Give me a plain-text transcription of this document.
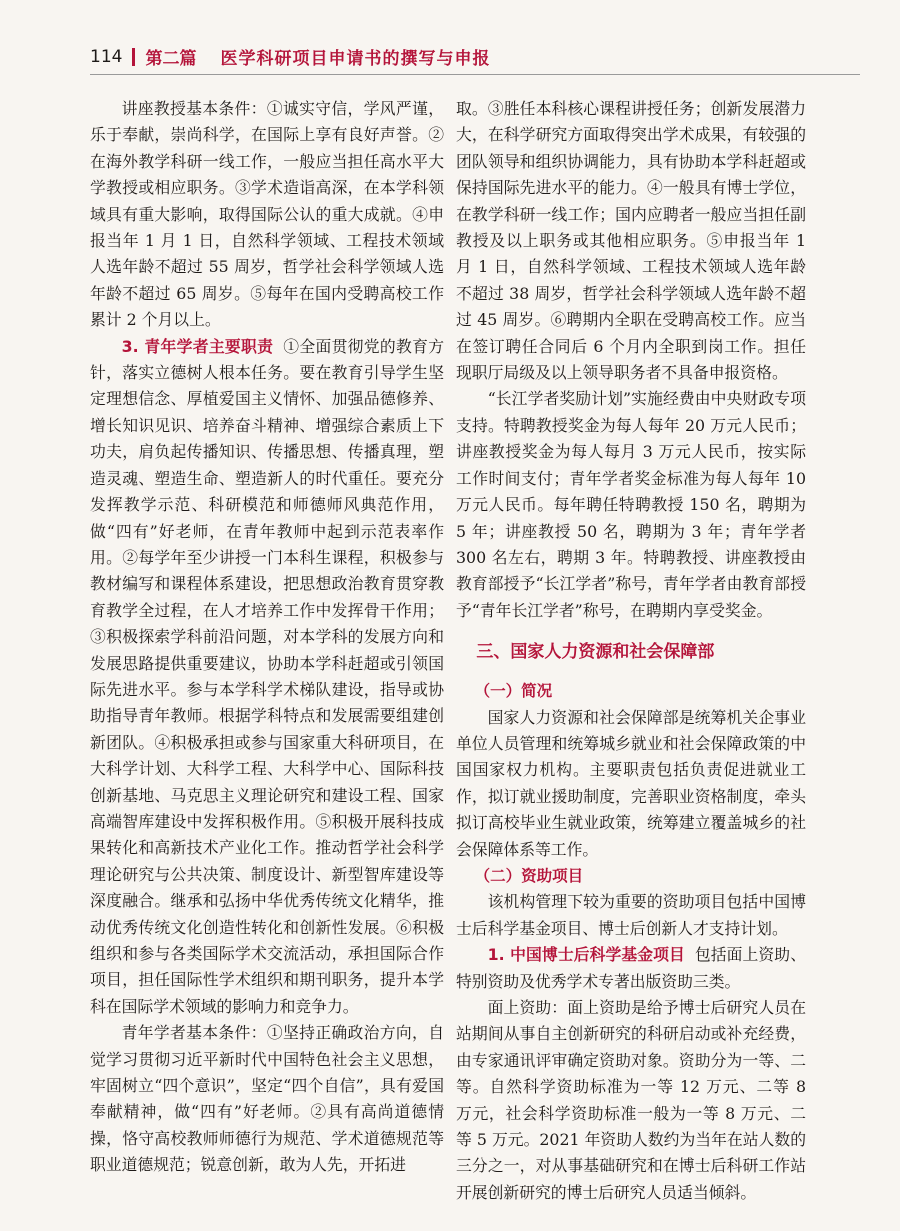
114 第二篇 医学科研项目申请书的撰写与申报

讲座教授基本条件：①诚实守信，学风严谨，乐于奉献，崇尚科学，在国际上享有良好声誉。②在海外教学科研一线工作，一般应当担任高水平大学教授或相应职务。③学术造诣高深，在本学科领域具有重大影响，取得国际公认的重大成就。④申报当年 1 月 1 日，自然科学领域、工程技术领域人选年龄不超过 55 周岁，哲学社会科学领域人选年龄不超过 65 周岁。⑤每年在国内受聘高校工作累计 2 个月以上。

3. 青年学者主要职责 ①全面贯彻党的教育方针，落实立德树人根本任务。要在教育引导学生坚定理想信念、厚植爱国主义情怀、加强品德修养、增长知识见识、培养奋斗精神、增强综合素质上下功夫，肩负起传播知识、传播思想、传播真理，塑造灵魂、塑造生命、塑造新人的时代重任。要充分发挥教学示范、科研模范和师德师风典范作用，做“四有”好老师，在青年教师中起到示范表率作用。②每学年至少讲授一门本科生课程，积极参与教材编写和课程体系建设，把思想政治教育贯穿教育教学全过程，在人才培养工作中发挥骨干作用；③积极探索学科前沿问题，对本学科的发展方向和发展思路提供重要建议，协助本学科赶超或引领国际先进水平。参与本学科学术梯队建设，指导或协助指导青年教师。根据学科特点和发展需要组建创新团队。④积极承担或参与国家重大科研项目，在大科学计划、大科学工程、大科学中心、国际科技创新基地、马克思主义理论研究和建设工程、国家高端智库建设中发挥积极作用。⑤积极开展科技成果转化和高新技术产业化工作。推动哲学社会科学理论研究与公共决策、制度设计、新型智库建设等深度融合。继承和弘扬中华优秀传统文化精华，推动优秀传统文化创造性转化和创新性发展。⑥积极组织和参与各类国际学术交流活动，承担国际合作项目，担任国际性学术组织和期刊职务，提升本学科在国际学术领域的影响力和竞争力。

青年学者基本条件：①坚持正确政治方向，自觉学习贯彻习近平新时代中国特色社会主义思想，牢固树立“四个意识”，坚定“四个自信”，具有爱国奉献精神，做“四有”好老师。②具有高尚道德情操，恪守高校教师师德行为规范、学术道德规范等职业道德规范；锐意创新，敢为人先，开拓进

取。③胜任本科核心课程讲授任务；创新发展潜力大，在科学研究方面取得突出学术成果，有较强的团队领导和组织协调能力，具有协助本学科赶超或保持国际先进水平的能力。④一般具有博士学位，在教学科研一线工作；国内应聘者一般应当担任副教授及以上职务或其他相应职务。⑤申报当年 1 月 1 日，自然科学领域、工程技术领域人选年龄不超过 38 周岁，哲学社会科学领域人选年龄不超过 45 周岁。⑥聘期内全职在受聘高校工作。应当在签订聘任合同后 6 个月内全职到岗工作。担任现职厅局级及以上领导职务者不具备申报资格。

“长江学者奖励计划”实施经费由中央财政专项支持。特聘教授奖金为每人每年 20 万元人民币；讲座教授奖金为每人每月 3 万元人民币，按实际工作时间支付；青年学者奖金标准为每人每年 10 万元人民币。每年聘任特聘教授 150 名，聘期为 5 年；讲座教授 50 名，聘期为 3 年；青年学者 300 名左右，聘期 3 年。特聘教授、讲座教授由教育部授予“长江学者”称号，青年学者由教育部授予“青年长江学者”称号，在聘期内享受奖金。

三、国家人力资源和社会保障部
（一）简况

国家人力资源和社会保障部是统筹机关企事业单位人员管理和统筹城乡就业和社会保障政策的中国国家权力机构。主要职责包括负责促进就业工作，拟订就业援助制度，完善职业资格制度，牵头拟订高校毕业生就业政策，统筹建立覆盖城乡的社会保障体系等工作。

（二）资助项目

该机构管理下较为重要的资助项目包括中国博士后科学基金项目、博士后创新人才支持计划。

1. 中国博士后科学基金项目 包括面上资助、特别资助及优秀学术专著出版资助三类。

面上资助：面上资助是给予博士后研究人员在站期间从事自主创新研究的科研启动或补充经费，由专家通讯评审确定资助对象。资助分为一等、二等。自然科学资助标准为一等 12 万元、二等 8 万元，社会科学资助标准一般为一等 8 万元、二等 5 万元。2021 年资助人数约为当年在站人数的三分之一，对从事基础研究和在博士后科研工作站开展创新研究的博士后研究人员适当倾斜。
